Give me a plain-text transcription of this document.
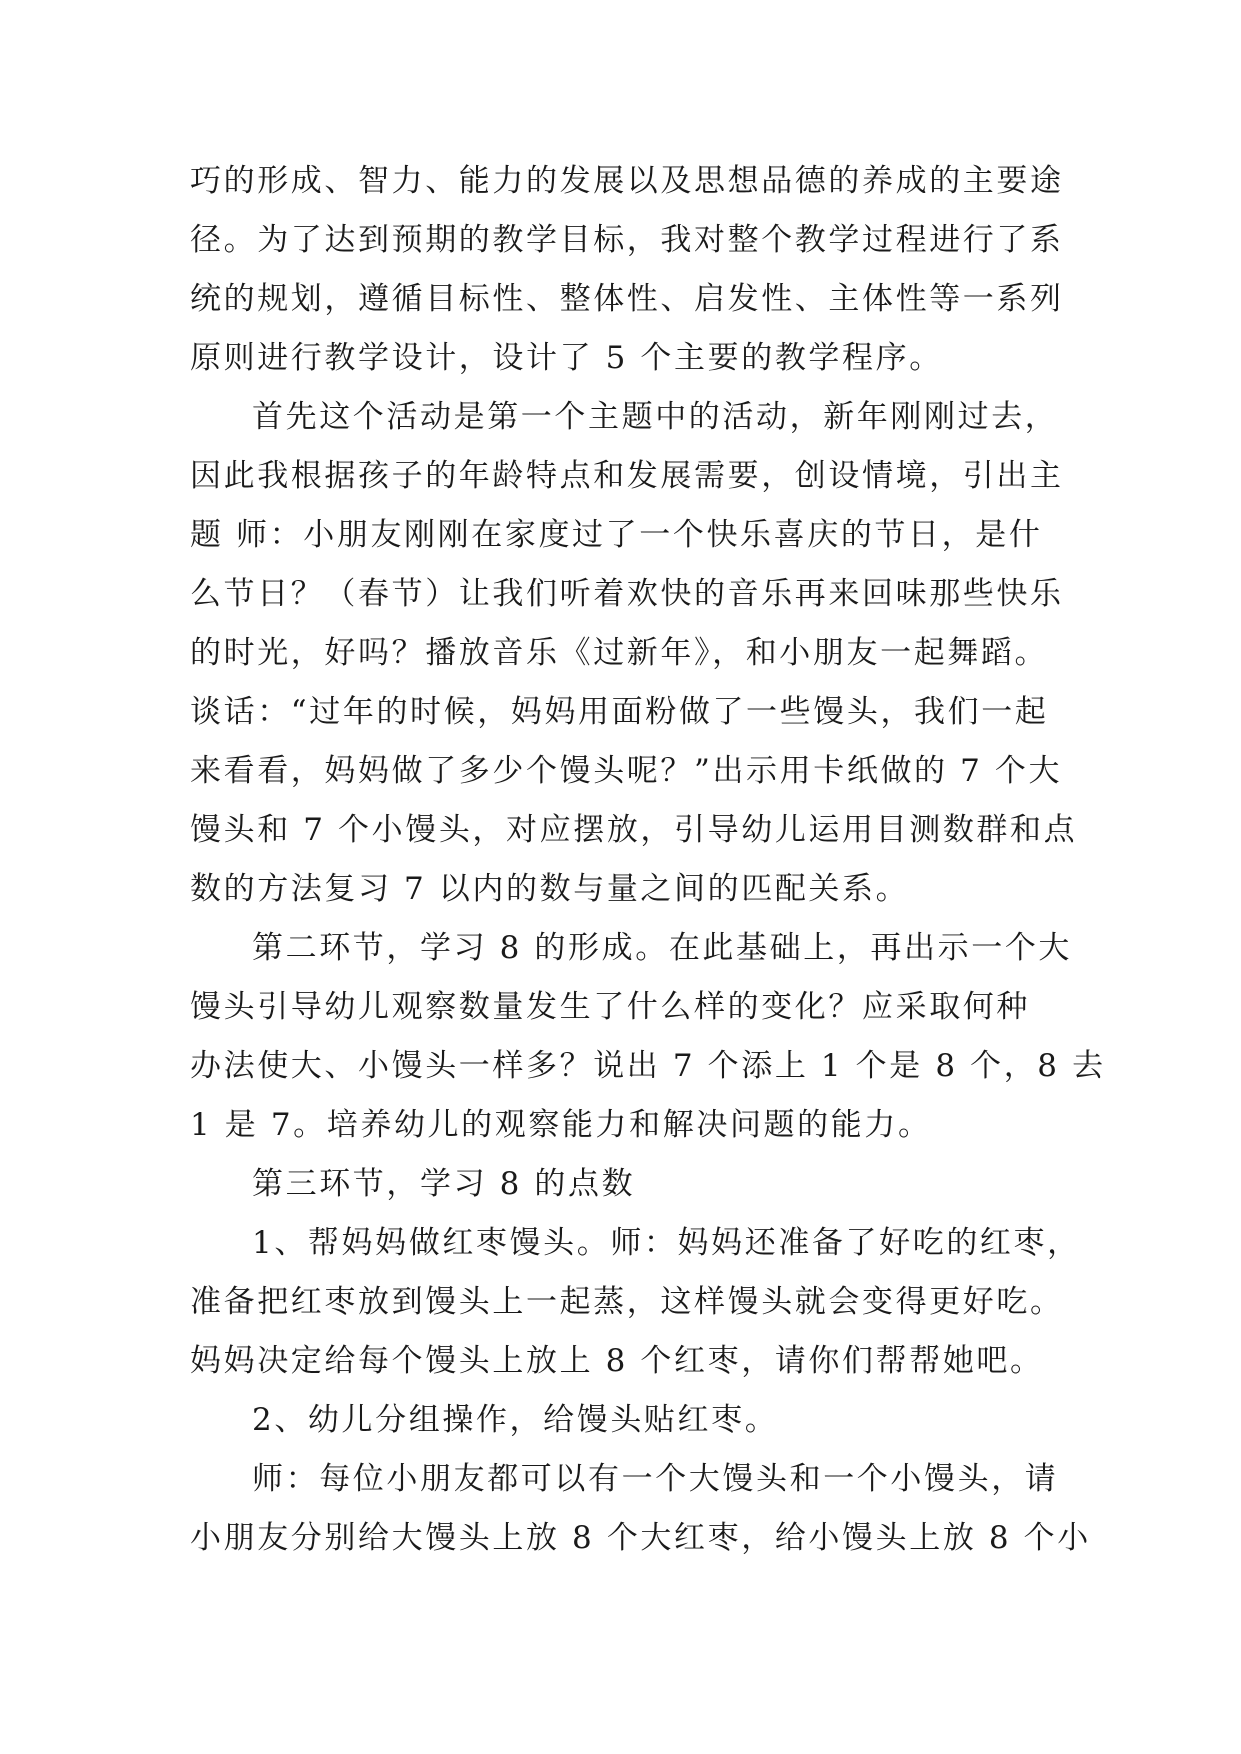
巧的形成、智力、能力的发展以及思想品德的养成的主要途
径。为了达到预期的教学目标，我对整个教学过程进行了系
统的规划，遵循目标性、整体性、启发性、主体性等一系列
原则进行教学设计，设计了 5 个主要的教学程序。
首先这个活动是第一个主题中的活动，新年刚刚过去，
因此我根据孩子的年龄特点和发展需要，创设情境，引出主
题 师：小朋友刚刚在家度过了一个快乐喜庆的节日，是什
么节日？（春节）让我们听着欢快的音乐再来回味那些快乐
的时光，好吗？播放音乐《过新年》，和小朋友一起舞蹈。
谈话：“过年的时候，妈妈用面粉做了一些馒头，我们一起
来看看，妈妈做了多少个馒头呢？”出示用卡纸做的 7 个大
馒头和 7 个小馒头，对应摆放，引导幼儿运用目测数群和点
数的方法复习 7 以内的数与量之间的匹配关系。
第二环节，学习 8 的形成。在此基础上，再出示一个大
馒头引导幼儿观察数量发生了什么样的变化？应采取何种
办法使大、小馒头一样多？说出 7 个添上 1 个是 8 个，8 去
1 是 7。培养幼儿的观察能力和解决问题的能力。
第三环节，学习 8 的点数
1、帮妈妈做红枣馒头。师：妈妈还准备了好吃的红枣，
准备把红枣放到馒头上一起蒸，这样馒头就会变得更好吃。
妈妈决定给每个馒头上放上 8 个红枣，请你们帮帮她吧。
2、幼儿分组操作，给馒头贴红枣。
师：每位小朋友都可以有一个大馒头和一个小馒头，请
小朋友分别给大馒头上放 8 个大红枣，给小馒头上放 8 个小
